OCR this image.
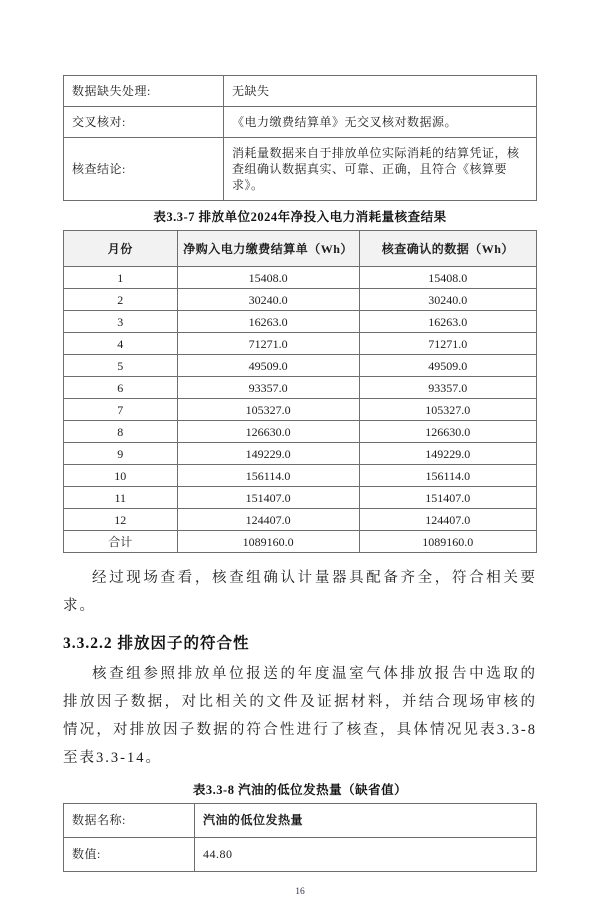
数据缺失处理:	无缺失
交叉核对:	《电力缴费结算单》无交叉核对数据源。
核查结论:	消耗量数据来自于排放单位实际消耗的结算凭证，核查组确认数据真实、可靠、正确，且符合《核算要求》。
表3.3-7 排放单位2024年净投入电力消耗量核查结果
月份	净购入电力缴费结算单（Wh）	核查确认的数据（Wh）
1	15408.0	15408.0
2	30240.0	30240.0
3	16263.0	16263.0
4	71271.0	71271.0
5	49509.0	49509.0
6	93357.0	93357.0
7	105327.0	105327.0
8	126630.0	126630.0
9	149229.0	149229.0
10	156114.0	156114.0
11	151407.0	151407.0
12	124407.0	124407.0
合计	1089160.0	1089160.0
经过现场查看，核查组确认计量器具配备齐全，符合相关要求。
3.3.2.2 排放因子的符合性
核查组参照排放单位报送的年度温室气体排放报告中选取的排放因子数据，对比相关的文件及证据材料，并结合现场审核的情况，对排放因子数据的符合性进行了核查，具体情况见表3.3-8至表3.3-14。
表3.3-8 汽油的低位发热量（缺省值）
数据名称:	汽油的低位发热量
数值:	44.80
16
